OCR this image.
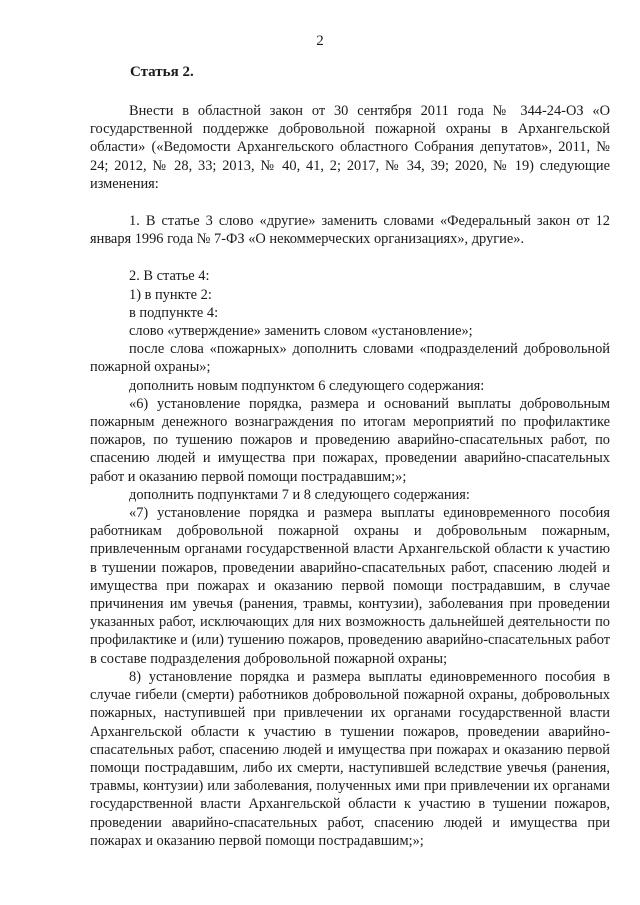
2
Статья 2.

Внести в областной закон от 30 сентября 2011 года № 344-24-ОЗ «О государственной поддержке добровольной пожарной охраны в Архангельской области» («Ведомости Архангельского областного Собрания депутатов», 2011, № 24; 2012, № 28, 33; 2013, № 40, 41, 2; 2017, № 34, 39; 2020, № 19) следующие изменения:

1. В статье 3 слово «другие» заменить словами «Федеральный закон от 12 января 1996 года № 7-ФЗ «О некоммерческих организациях», другие».

2. В статье 4:

1) в пункте 2:

в подпункте 4:

слово «утверждение» заменить словом «установление»;

после слова «пожарных» дополнить словами «подразделений добровольной пожарной охраны»;

дополнить новым подпунктом 6 следующего содержания:

«6) установление порядка, размера и оснований выплаты добровольным пожарным денежного вознаграждения по итогам мероприятий по профилактике пожаров, по тушению пожаров и проведению аварийно-спасательных работ, по спасению людей и имущества при пожарах, проведении аварийно-спасательных работ и оказанию первой помощи пострадавшим;»;

дополнить подпунктами 7 и 8 следующего содержания:

«7) установление порядка и размера выплаты единовременного пособия работникам добровольной пожарной охраны и добровольным пожарным, привлеченным органами государственной власти Архангельской области к участию в тушении пожаров, проведении аварийно-спасательных работ, спасению людей и имущества при пожарах и оказанию первой помощи пострадавшим, в случае причинения им увечья (ранения, травмы, контузии), заболевания при проведении указанных работ, исключающих для них возможность дальнейшей деятельности по профилактике и (или) тушению пожаров, проведению аварийно-спасательных работ в составе подразделения добровольной пожарной охраны;

8) установление порядка и размера выплаты единовременного пособия в случае гибели (смерти) работников добровольной пожарной охраны, добровольных пожарных, наступившей при привлечении их органами государственной власти Архангельской области к участию в тушении пожаров, проведении аварийно-спасательных работ, спасению людей и имущества при пожарах и оказанию первой помощи пострадавшим, либо их смерти, наступившей вследствие увечья (ранения, травмы, контузии) или заболевания, полученных ими при привлечении их органами государственной власти Архангельской области к участию в тушении пожаров, проведении аварийно-спасательных работ, спасению людей и имущества при пожарах и оказанию первой помощи пострадавшим;»;
